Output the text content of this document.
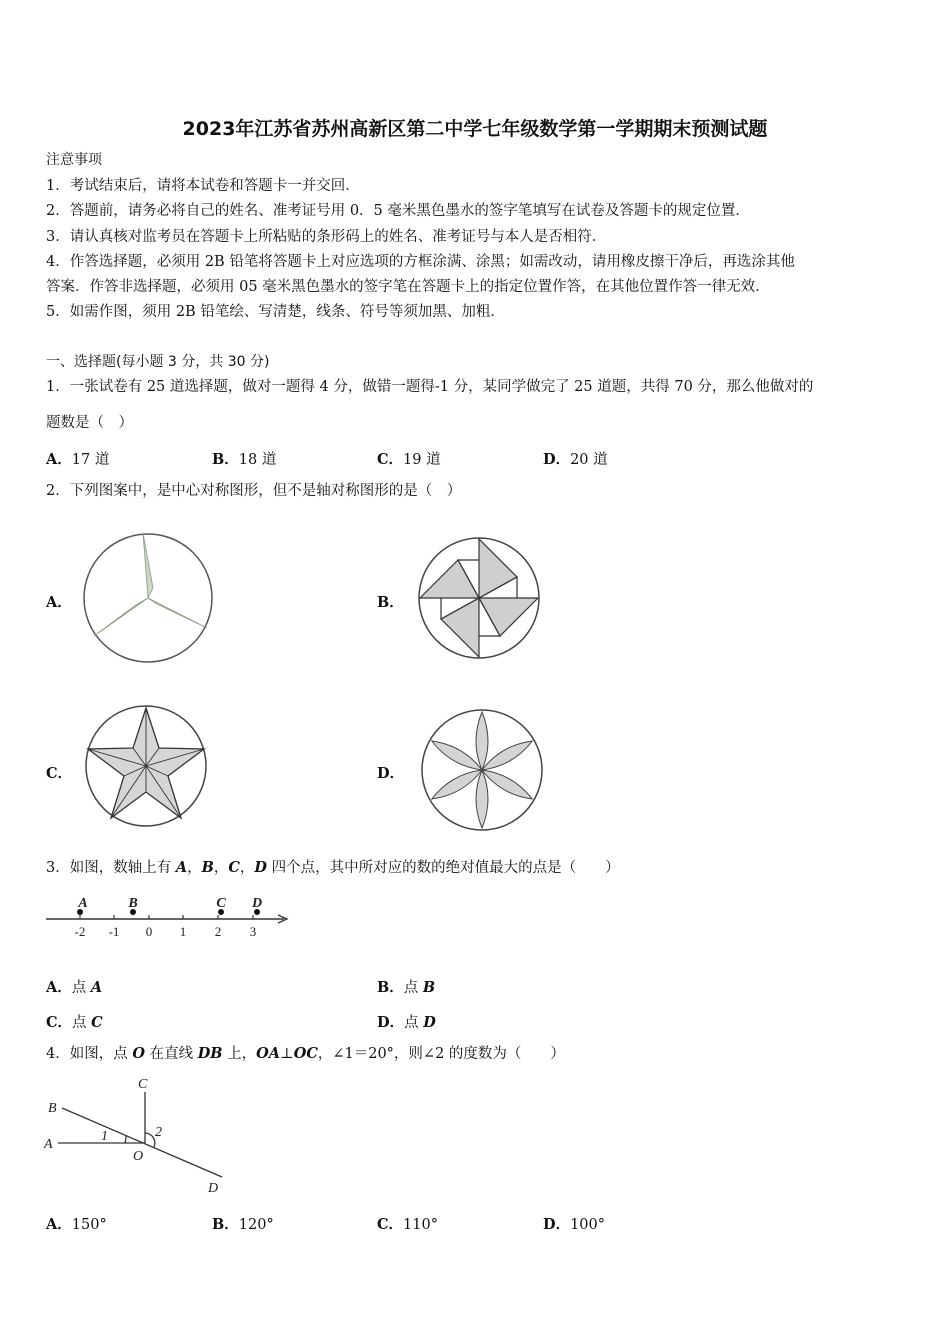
2023年江苏省苏州高新区第二中学七年级数学第一学期期末预测试题
注意事项
1．考试结束后，请将本试卷和答题卡一并交回．
2．答题前，请务必将自己的姓名、准考证号用 0．5 毫米黑色墨水的签字笔填写在试卷及答题卡的规定位置．
3．请认真核对监考员在答题卡上所粘贴的条形码上的姓名、准考证号与本人是否相符．
4．作答选择题，必须用 2B 铅笔将答题卡上对应选项的方框涂满、涂黑；如需改动，请用橡皮擦干净后，再选涂其他
答案．作答非选择题，必须用 05 毫米黑色墨水的签字笔在答题卡上的指定位置作答，在其他位置作答一律无效．
5．如需作图，须用 2B 铅笔绘、写清楚，线条、符号等须加黑、加粗．
一、选择题(每小题 3 分，共 30 分)
1．一张试卷有 25 道选择题，做对一题得 4 分，做错一题得-1 分，某同学做完了 25 道题，共得 70 分，那么他做对的
题数是（　）
A．17 道	B．18 道	C．19 道	D．20 道
2．下列图案中，是中心对称图形，但不是轴对称图形的是（　）
A．	B．
C．	D．
3．如图，数轴上有 A，B，C，D 四个点，其中所对应的数的绝对值最大的点是（　　）
-2 -1 0 1 2 3
A	B	C D
A．点 A	B．点 B
C．点 C	D．点 D
4．如图，点 O 在直线 DB 上，OA⊥OC，∠1＝20°，则∠2 的度数为（　　）
B
C
A
O
D
1	2
A．150°	B．120°	C．110°	D．100°
